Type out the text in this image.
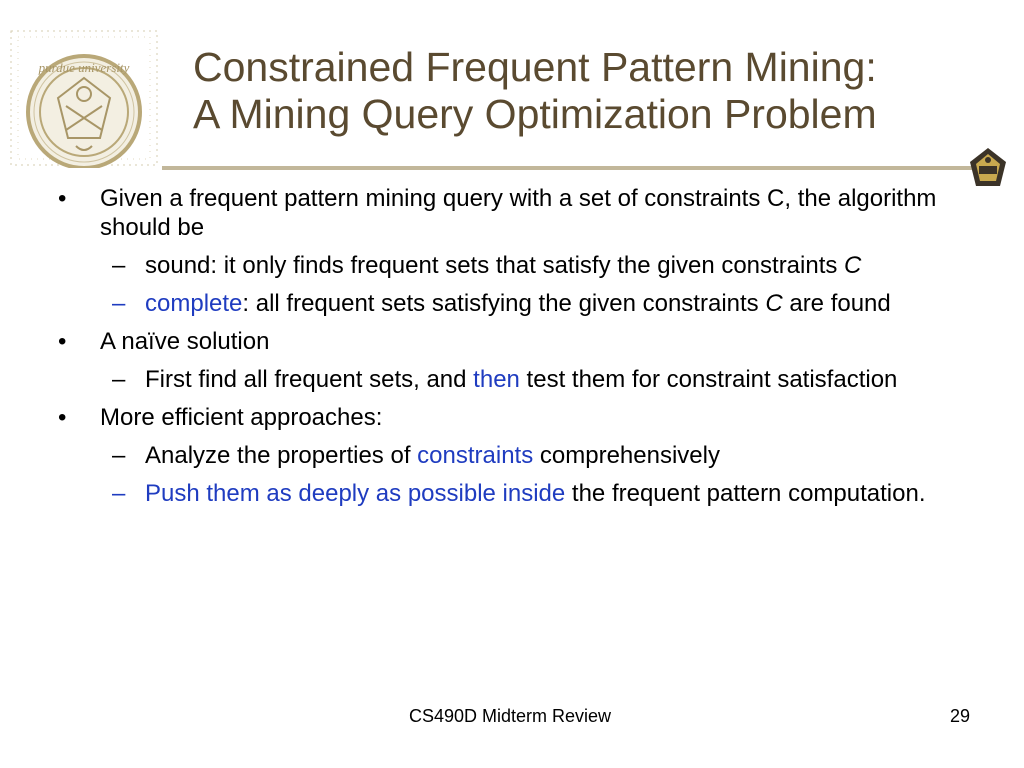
purdue university Constrained Frequent Pattern Mining:
A Mining Query Optimization Problem
•	Given a frequent pattern mining query with a set of constraints C, the algorithm should be
– sound: it only finds frequent sets that satisfy the given constraints C
– complete: all frequent sets satisfying the given constraints C are found
•	A naïve solution
– First find all frequent sets, and then test them for constraint satisfaction
•	More efficient approaches:
– Analyze the properties of constraints comprehensively
– Push them as deeply as possible inside the frequent pattern computation.
CS490D Midterm Review	29
